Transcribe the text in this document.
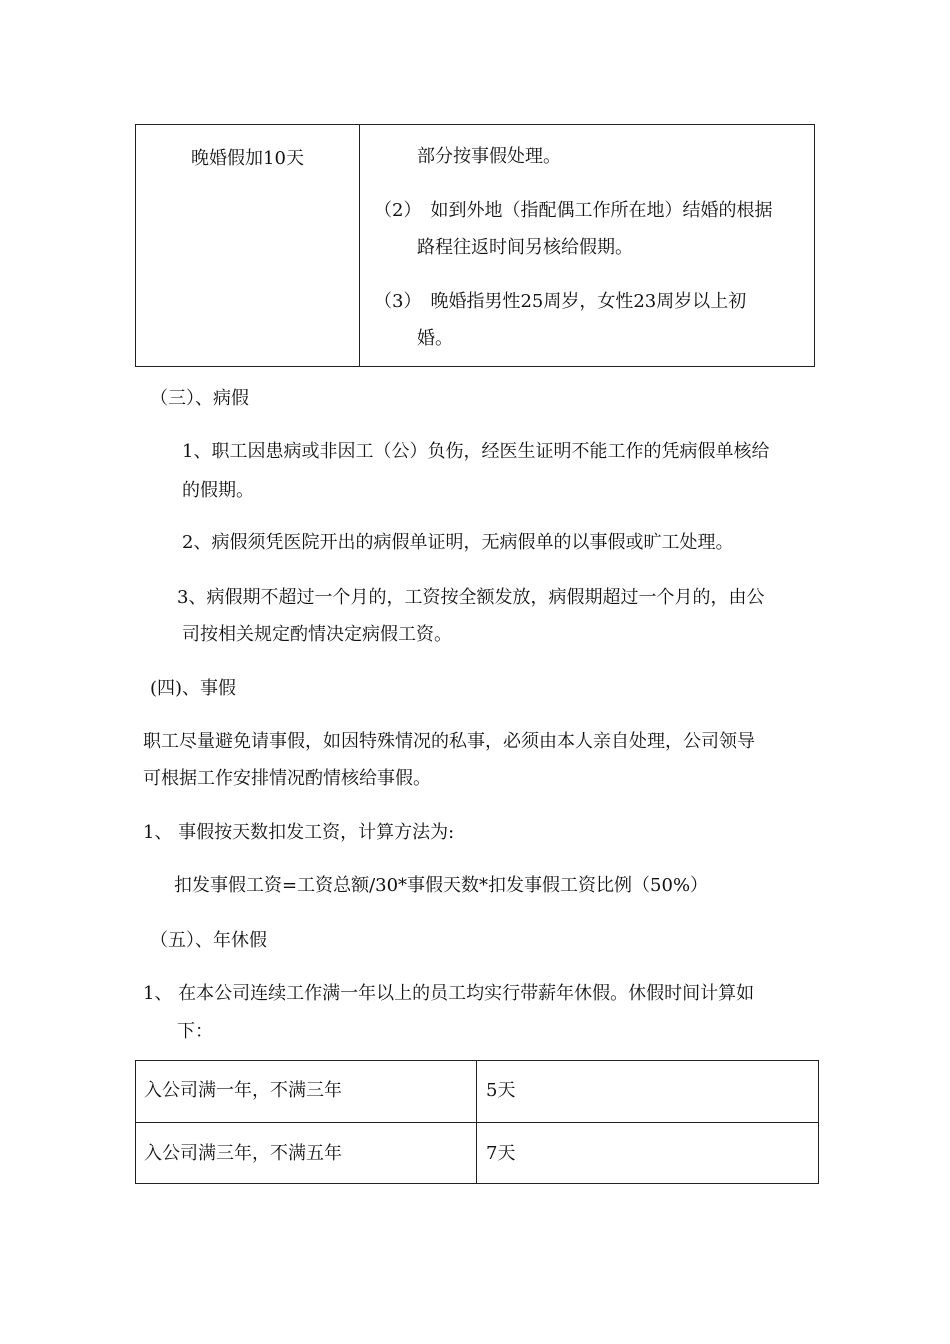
晚婚假加10天	部分按事假处理。
（2）　如到外地（指配偶工作所在地）结婚的根据
路程往返时间另核给假期。
（3）　晚婚指男性25周岁，女性23周岁以上初
婚。
（三）、病假
1、职工因患病或非因工（公）负伤，经医生证明不能工作的凭病假单核给
的假期。
2、病假须凭医院开出的病假单证明，无病假单的以事假或旷工处理。
3、病假期不超过一个月的，工资按全额发放，病假期超过一个月的，由公
司按相关规定酌情决定病假工资。
(四)、事假
职工尽量避免请事假，如因特殊情况的私事，必须由本人亲自处理，公司领导
可根据工作安排情况酌情核给事假。
1、 事假按天数扣发工资，计算方法为:
扣发事假工资=工资总额/30*事假天数*扣发事假工资比例（50%）
（五）、年休假
1、 在本公司连续工作满一年以上的员工均实行带薪年休假。休假时间计算如
下：
入公司满一年，不满三年	5天
入公司满三年，不满五年	7天
